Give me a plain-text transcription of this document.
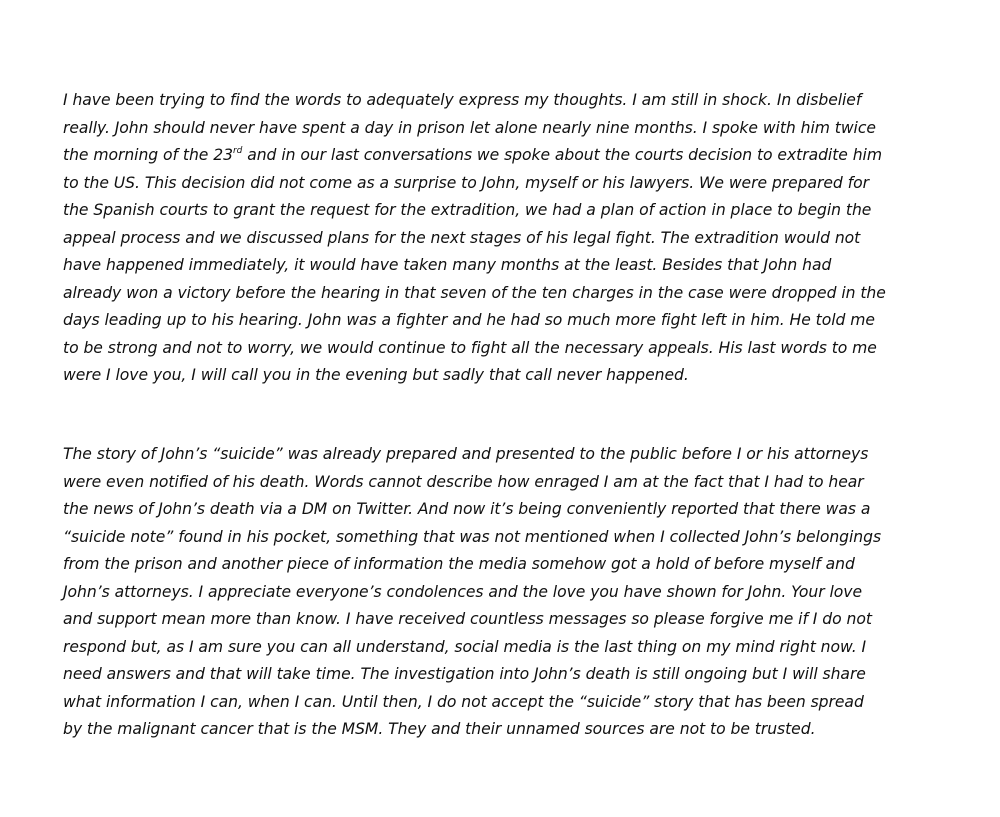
I have been trying to find the words to adequately express my thoughts. I am still in shock. In disbelief
really. John should never have spent a day in prison let alone nearly nine months. I spoke with him twice
the morning of the 23rd and in our last conversations we spoke about the courts decision to extradite him
to the US. This decision did not come as a surprise to John, myself or his lawyers. We were prepared for
the Spanish courts to grant the request for the extradition, we had a plan of action in place to begin the
appeal process and we discussed plans for the next stages of his legal fight. The extradition would not
have happened immediately, it would have taken many months at the least. Besides that John had
already won a victory before the hearing in that seven of the ten charges in the case were dropped in the
days leading up to his hearing. John was a fighter and he had so much more fight left in him. He told me
to be strong and not to worry, we would continue to fight all the necessary appeals. His last words to me
were I love you, I will call you in the evening but sadly that call never happened.
The story of John’s “suicide” was already prepared and presented to the public before I or his attorneys
were even notified of his death. Words cannot describe how enraged I am at the fact that I had to hear
the news of John’s death via a DM on Twitter. And now it’s being conveniently reported that there was a
“suicide note” found in his pocket, something that was not mentioned when I collected John’s belongings
from the prison and another piece of information the media somehow got a hold of before myself and
John’s attorneys. I appreciate everyone’s condolences and the love you have shown for John. Your love
and support mean more than know. I have received countless messages so please forgive me if I do not
respond but, as I am sure you can all understand, social media is the last thing on my mind right now. I
need answers and that will take time. The investigation into John’s death is still ongoing but I will share
what information I can, when I can. Until then, I do not accept the “suicide” story that has been spread
by the malignant cancer that is the MSM. They and their unnamed sources are not to be trusted.
